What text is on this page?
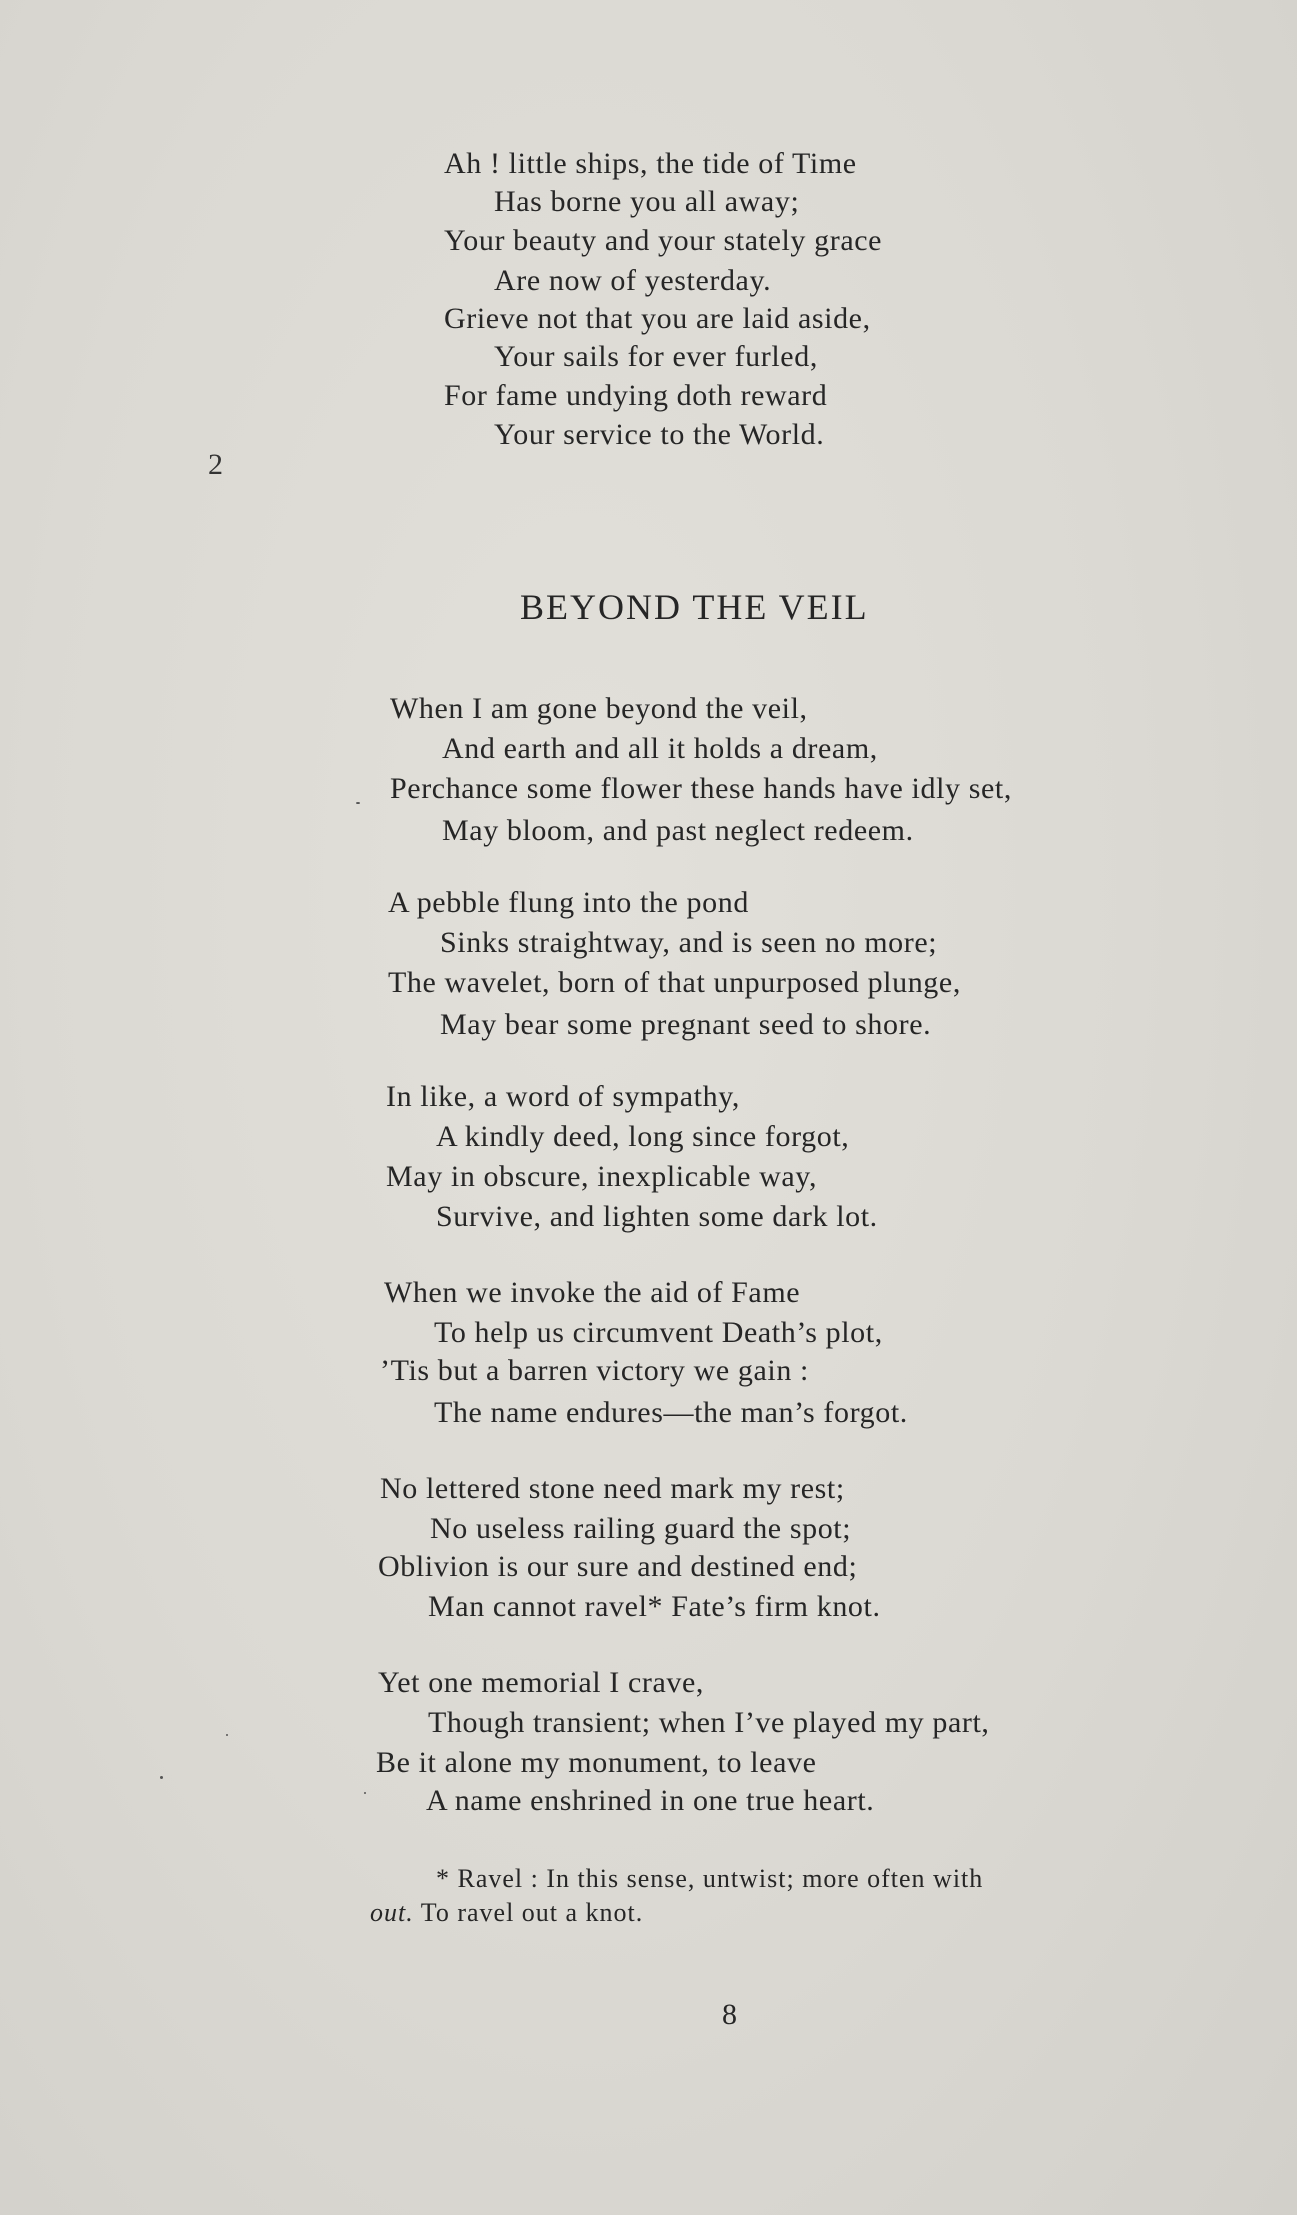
Ah ! little ships, the tide of Time
Has borne you all away;
Your beauty and your stately grace
Are now of yesterday.
Grieve not that you are laid aside,
Your sails for ever furled,
For fame undying doth reward
Your service to the World.
2
BEYOND THE VEIL
When I am gone beyond the veil,
And earth and all it holds a dream,
Perchance some flower these hands have idly set,
May bloom, and past neglect redeem.
A pebble flung into the pond
Sinks straightway, and is seen no more;
The wavelet, born of that unpurposed plunge,
May bear some pregnant seed to shore.
In like, a word of sympathy,
A kindly deed, long since forgot,
May in obscure, inexplicable way,
Survive, and lighten some dark lot.
When we invoke the aid of Fame
To help us circumvent Death’s plot,
’Tis but a barren victory we gain :
The name endures—the man’s forgot.
No lettered stone need mark my rest;
No useless railing guard the spot;
Oblivion is our sure and destined end;
Man cannot ravel* Fate’s firm knot.
Yet one memorial I crave,
Though transient; when I’ve played my part,
Be it alone my monument, to leave
A name enshrined in one true heart.
* Ravel : In this sense, untwist; more often with
out. To ravel out a knot.
8
